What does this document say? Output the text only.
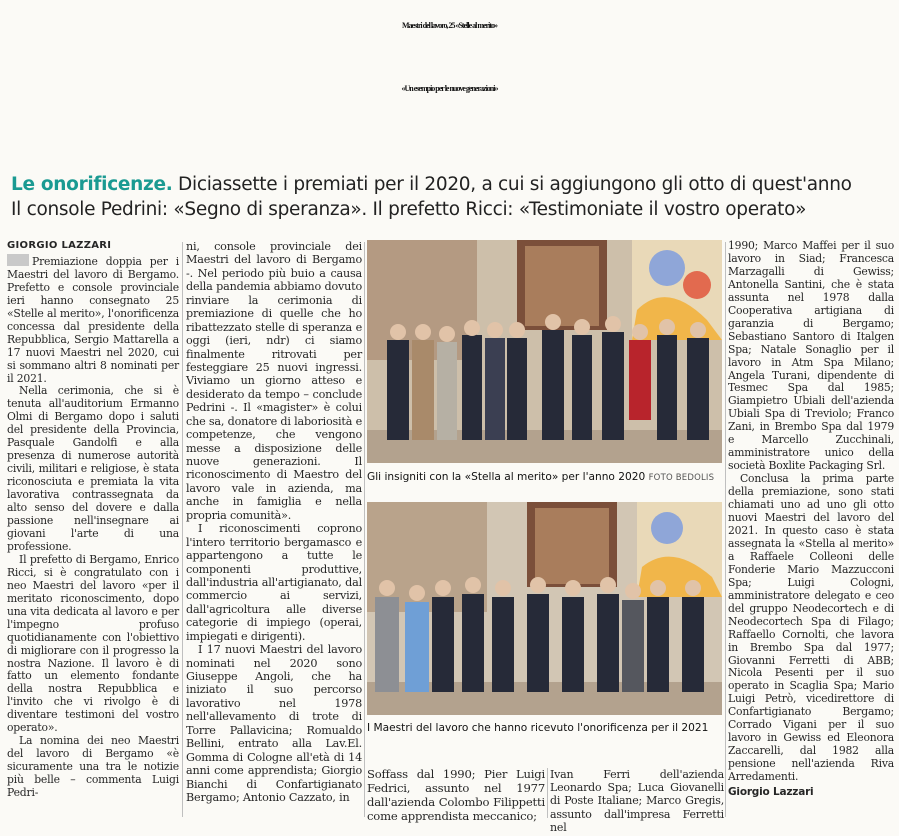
Maestri del lavoro, 25 «Stelle al merito»
«Un esempio per le nuove generazioni»
Le onorificenze. Diciassette i premiati per il 2020, a cui si aggiungono gli otto di quest'anno
Il console Pedrini: «Segno di speranza». Il prefetto Ricci: «Testimoniate il vostro operato»
GIORGIO LAZZARI

Premiazione doppia per i Maestri del lavoro di Bergamo. Prefetto e console provinciale ieri hanno consegnato 25 «Stelle al merito», l'onorificenza concessa dal presidente della Repubblica, Sergio Mattarella a 17 nuovi Maestri nel 2020, cui si sommano altri 8 nominati per il 2021.

Nella cerimonia, che si è tenuta all'auditorium Ermanno Olmi di Bergamo dopo i saluti del presidente della Provincia, Pasquale Gandolfi e alla presenza di numerose autorità civili, militari e religiose, è stata riconosciuta e premiata la vita lavorativa contrassegnata da alto senso del dovere e dalla passione nell'insegnare ai giovani l'arte di una professione.

Il prefetto di Bergamo, Enrico Ricci, si è congratulato con i neo Maestri del lavoro «per il meritato riconoscimento, dopo una vita dedicata al lavoro e per l'impegno profuso quotidianamente con l'obiettivo di migliorare con il progresso la nostra Nazione. Il lavoro è di fatto un elemento fondante della nostra Repubblica e l'invito che vi rivolgo è di diventare testimoni del vostro operato».

La nomina dei neo Maestri del lavoro di Bergamo «è sicuramente una tra le notizie più belle – commenta Luigi Pedri-

ni, console provinciale dei Maestri del lavoro di Bergamo -. Nel periodo più buio a causa della pandemia abbiamo dovuto rinviare la cerimonia di premiazione di quelle che ho ribattezzato stelle di speranza e oggi (ieri, ndr) ci siamo finalmente ritrovati per festeggiare 25 nuovi ingressi. Viviamo un giorno atteso e desiderato da tempo – conclude Pedrini -. Il «magister» è colui che sa, donatore di laboriosità e competenze, che vengono messe a disposizione delle nuove generazioni. Il riconoscimento di Maestro del lavoro vale in azienda, ma anche in famiglia e nella propria comunità».

I riconoscimenti coprono l'intero territorio bergamasco e appartengono a tutte le componenti produttive, dall'industria all'artigianato, dal commercio ai servizi, dall'agricoltura alle diverse categorie di impiego (operai, impiegati e dirigenti).

I 17 nuovi Maestri del lavoro nominati nel 2020 sono Giuseppe Angoli, che ha iniziato il suo percorso lavorativo nel 1978 nell'allevamento di trote di Torre Pallavicina; Romualdo Bellini, entrato alla Lav.El. Gomma di Cologne all'età di 14 anni come apprendista; Giorgio Bianchi di Confartigianato Bergamo; Antonio Cazzato, in

Gli insigniti con la «Stella al merito» per l'anno 2020 FOTO BEDOLIS
I Maestri del lavoro che hanno ricevuto l'onorificenza per il 2021
Soffass dal 1990; Pier Luigi Fedrici, assunto nel 1977 dall'azienda Colombo Filippetti come apprendista meccanico;
Ivan Ferri dell'azienda Leonardo Spa; Luca Giovanelli di Poste Italiane; Marco Gregis, assunto dall'impresa Ferretti nel

1990; Marco Maffei per il suo lavoro in Siad; Francesca Marzagalli di Gewiss; Antonella Santini, che è stata assunta nel 1978 dalla Cooperativa artigiana di garanzia di Bergamo; Sebastiano Santoro di Italgen Spa; Natale Sonaglio per il lavoro in Atm Spa Milano; Angela Turani, dipendente di Tesmec Spa dal 1985; Giampietro Ubiali dell'azienda Ubiali Spa di Treviolo; Franco Zani, in Brembo Spa dal 1979 e Marcello Zucchinali, amministratore unico della società Boxlite Packaging Srl.

Conclusa la prima parte della premiazione, sono stati chiamati uno ad uno gli otto nuovi Maestri del lavoro del 2021. In questo caso è stata assegnata la «Stella al merito» a Raffaele Colleoni delle Fonderie Mario Mazzucconi Spa; Luigi Cologni, amministratore delegato e ceo del gruppo Neodecortech e di Neodecortech Spa di Filago; Raffaello Cornolti, che lavora in Brembo Spa dal 1977; Giovanni Ferretti di ABB; Nicola Pesenti per il suo operato in Scaglia Spa; Mario Luigi Petrò, vicedirettore di Confartigianato Bergamo; Corrado Vigani per il suo lavoro in Gewiss ed Eleonora Zaccarelli, dal 1982 alla pensione nell'azienda Riva Arredamenti.

Giorgio Lazzari
